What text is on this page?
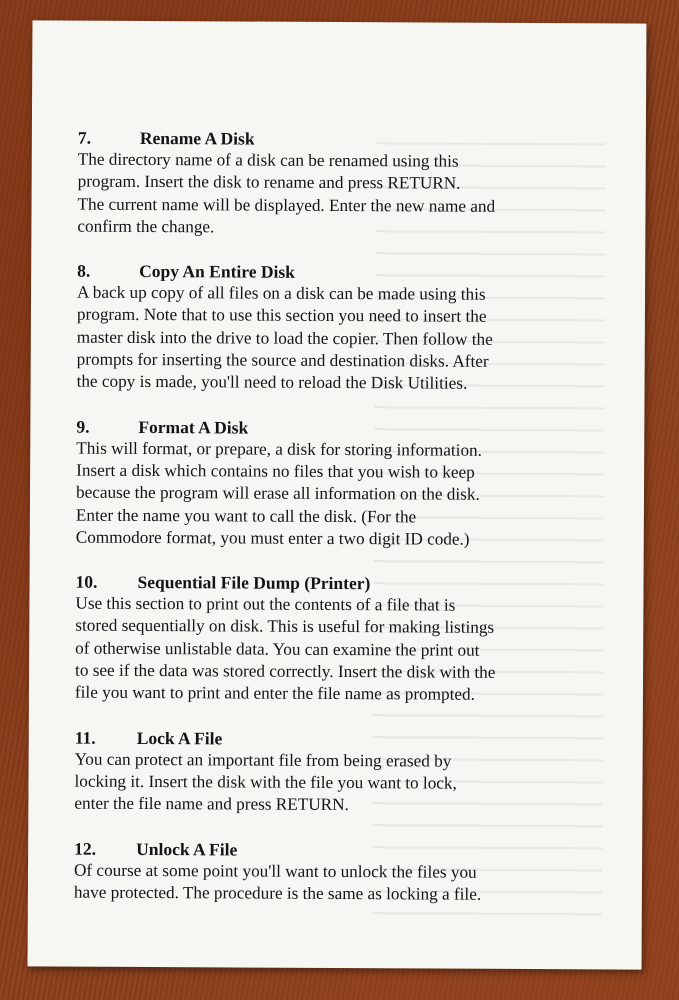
7.	Rename A Disk
The directory name of a disk can be renamed using this
program. Insert the disk to rename and press RETURN.
The current name will be displayed. Enter the new name and
confirm the change.
8.	Copy An Entire Disk
A back up copy of all files on a disk can be made using this
program. Note that to use this section you need to insert the
master disk into the drive to load the copier. Then follow the
prompts for inserting the source and destination disks. After
the copy is made, you'll need to reload the Disk Utilities.
9.	Format A Disk
This will format, or prepare, a disk for storing information.
Insert a disk which contains no files that you wish to keep
because the program will erase all information on the disk.
Enter the name you want to call the disk. (For the
Commodore format, you must enter a two digit ID code.)
10. Sequential File Dump (Printer)
Use this section to print out the contents of a file that is
stored sequentially on disk. This is useful for making listings
of otherwise unlistable data. You can examine the print out
to see if the data was stored correctly. Insert the disk with the
file you want to print and enter the file name as prompted.
11. Lock A File
You can protect an important file from being erased by
locking it. Insert the disk with the file you want to lock,
enter the file name and press RETURN.
12. Unlock A File
Of course at some point you'll want to unlock the files you
have protected. The procedure is the same as locking a file.
